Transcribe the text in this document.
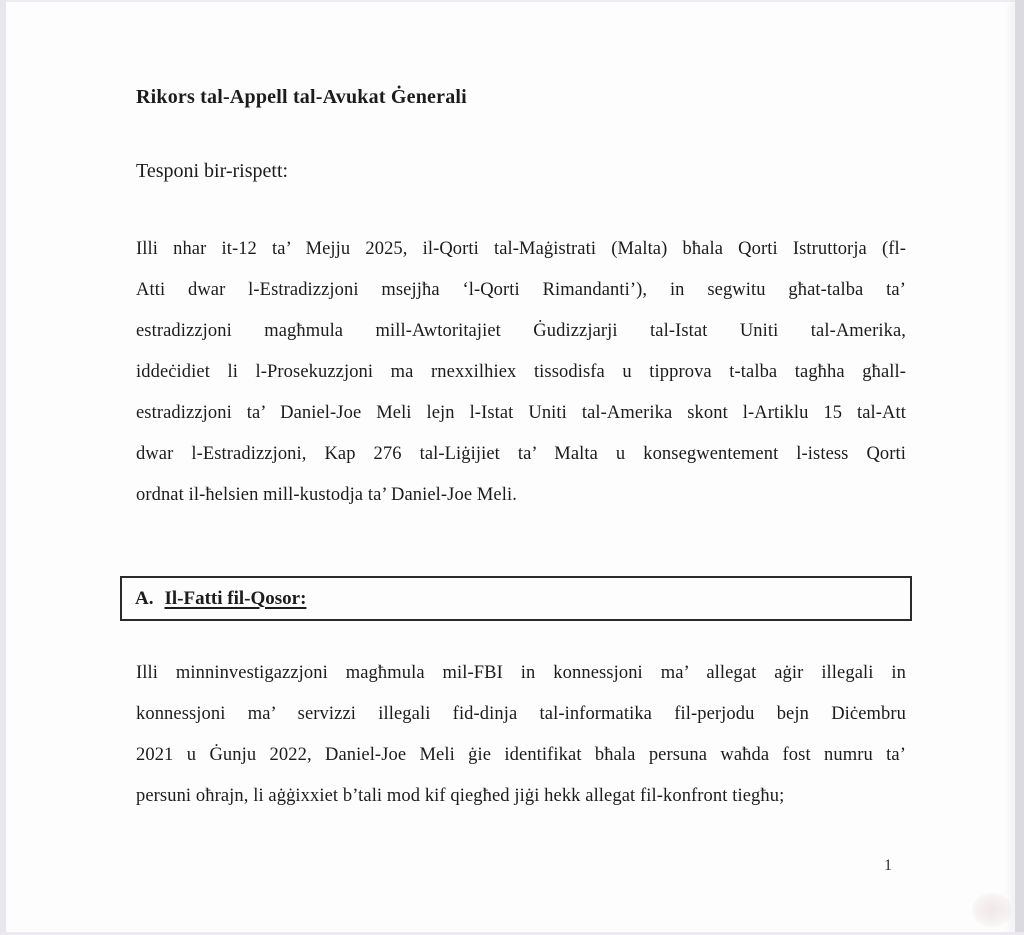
Rikors tal-Appell tal-Avukat Ġenerali
Tesponi bir-rispett:
Illi nhar it-12 ta’ Mejju 2025, il-Qorti tal-Maġistrati (Malta) bħala Qorti Istruttorja (fl-
Atti dwar l-Estradizzjoni msejjħa ‘l-Qorti Rimandanti’), in segwitu għat-talba ta’
estradizzjoni magħmula mill-Awtoritajiet Ġudizzjarji tal-Istat Uniti tal-Amerika,
iddeċidiet li l-Prosekuzzjoni ma rnexxilhiex tissodisfa u tipprova t-talba tagħha għall-
estradizzjoni ta’ Daniel-Joe Meli lejn l-Istat Uniti tal-Amerika skont l-Artiklu 15 tal-Att
dwar l-Estradizzjoni, Kap 276 tal-Liġijiet ta’ Malta u konsegwentement l-istess Qorti
ordnat il-ħelsien mill-kustodja ta’ Daniel-Joe Meli.
A. Il-Fatti fil-Qosor:
Illi minninvestigazzjoni magħmula mil-FBI in konnessjoni ma’ allegat aġir illegali in
konnessjoni ma’ servizzi illegali fid-dinja tal-informatika fil-perjodu bejn Diċembru
2021 u Ġunju 2022, Daniel-Joe Meli ġie identifikat bħala persuna waħda fost numru ta’
persuni oħrajn, li aġġixxiet b’tali mod kif qiegħed jiġi hekk allegat fil-konfront tiegħu;
1
